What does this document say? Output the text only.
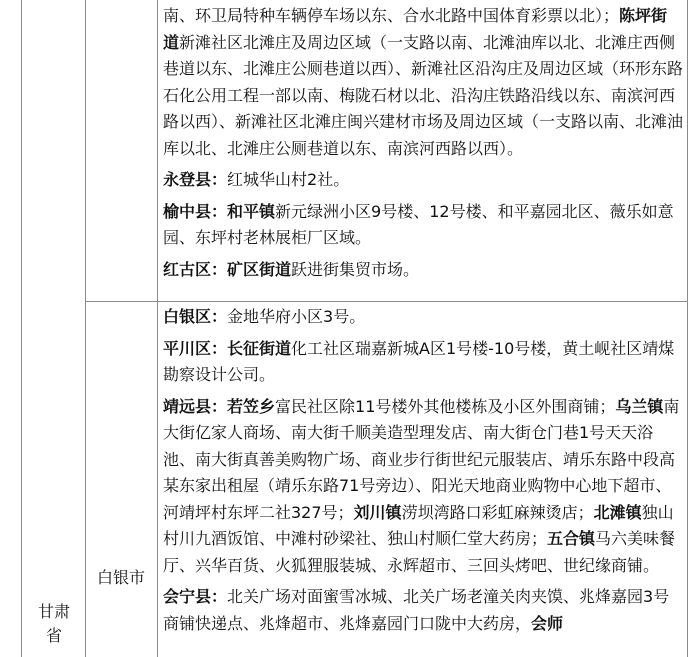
南、环卫局特种车辆停车场以东、合水北路中国体育彩票以北）；陈坪街道新滩社区北滩庄及周边区域（一支路以南、北滩油库以北、北滩庄西侧巷道以东、北滩庄公厕巷道以西）、新滩社区沿沟庄及周边区域（环形东路石化公用工程一部以南、梅陇石材以北、沿沟庄铁路沿线以东、南滨河西路以西）、新滩社区北滩庄闽兴建材市场及周边区域（一支路以南、北滩油库以北、北滩庄公厕巷道以东、南滨河西路以西）。

永登县：红城华山村2社。

榆中县：和平镇新元绿洲小区9号楼、12号楼、和平嘉园北区、薇乐如意园、东坪村老林展柜厂区域。

红古区：矿区街道跃进街集贸市场。

白银区：金地华府小区3号。

平川区：长征街道化工社区瑞嘉新城A区1号楼-10号楼，黄土岘社区靖煤勘察设计公司。

靖远县：若笠乡富民社区除11号楼外其他楼栋及小区外围商铺；乌兰镇南大街亿家人商场、南大街千顺美造型理发店、南大街仓门巷1号天天浴池、南大街真善美购物广场、商业步行街世纪元服装店、靖乐东路中段高某东家出租屋（靖乐东路71号旁边）、阳光天地商业购物中心地下超市、河靖坪村东坪二社327号；刘川镇涝坝湾路口彩虹麻辣烫店；北滩镇独山村川九酒饭馆、中滩村砂梁社、独山村顺仁堂大药房；五合镇马六美味餐厅、兴华百货、火狐狸服装城、永辉超市、三回头烤吧、世纪缘商铺。

会宁县：北关广场对面蜜雪冰城、北关广场老潼关肉夹馍、兆烽嘉园3号商铺快递点、兆烽超市、兆烽嘉园门口陇中大药房，会师

白银市
甘肃省
